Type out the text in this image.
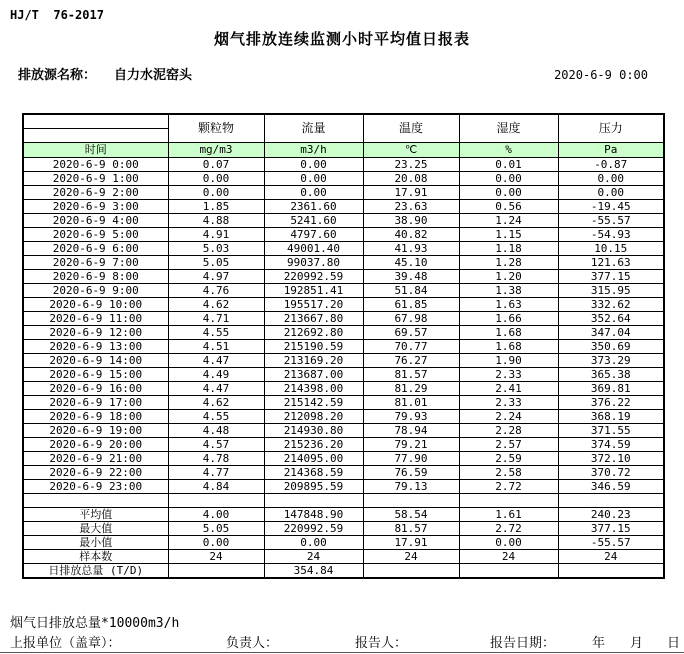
HJ/T  76-2017
烟气排放连续监测小时平均值日报表
排放源名称： 自力水泥窑头	2020-6-9 0:00
	颗粒物	流量	温度	湿度	压力

时间	mg/m3	m3/h	℃	%	Pa
2020-6-9 0:00	0.07	0.00	23.25	0.01	-0.87
2020-6-9 1:00	0.00	0.00	20.08	0.00	0.00
2020-6-9 2:00	0.00	0.00	17.91	0.00	0.00
2020-6-9 3:00	1.85	2361.60	23.63	0.56	-19.45
2020-6-9 4:00	4.88	5241.60	38.90	1.24	-55.57
2020-6-9 5:00	4.91	4797.60	40.82	1.15	-54.93
2020-6-9 6:00	5.03	49001.40	41.93	1.18	10.15
2020-6-9 7:00	5.05	99037.80	45.10	1.28	121.63
2020-6-9 8:00	4.97	220992.59	39.48	1.20	377.15
2020-6-9 9:00	4.76	192851.41	51.84	1.38	315.95
2020-6-9 10:00	4.62	195517.20	61.85	1.63	332.62
2020-6-9 11:00	4.71	213667.80	67.98	1.66	352.64
2020-6-9 12:00	4.55	212692.80	69.57	1.68	347.04
2020-6-9 13:00	4.51	215190.59	70.77	1.68	350.69
2020-6-9 14:00	4.47	213169.20	76.27	1.90	373.29
2020-6-9 15:00	4.49	213687.00	81.57	2.33	365.38
2020-6-9 16:00	4.47	214398.00	81.29	2.41	369.81
2020-6-9 17:00	4.62	215142.59	81.01	2.33	376.22
2020-6-9 18:00	4.55	212098.20	79.93	2.24	368.19
2020-6-9 19:00	4.48	214930.80	78.94	2.28	371.55
2020-6-9 20:00	4.57	215236.20	79.21	2.57	374.59
2020-6-9 21:00	4.78	214095.00	77.90	2.59	372.10
2020-6-9 22:00	4.77	214368.59	76.59	2.58	370.72
2020-6-9 23:00	4.84	209895.59	79.13	2.72	346.59

平均值	4.00	147848.90	58.54	1.61	240.23
最大值	5.05	220992.59	81.57	2.72	377.15
最小值	0.00	0.00	17.91	0.00	-55.57
样本数	24	24	24	24	24
日排放总量 (T/D)		354.84			
烟气日排放总量*10000m3/h
上报单位（盖章）：	负责人：	报告人：	报告日期：	年 月 日
